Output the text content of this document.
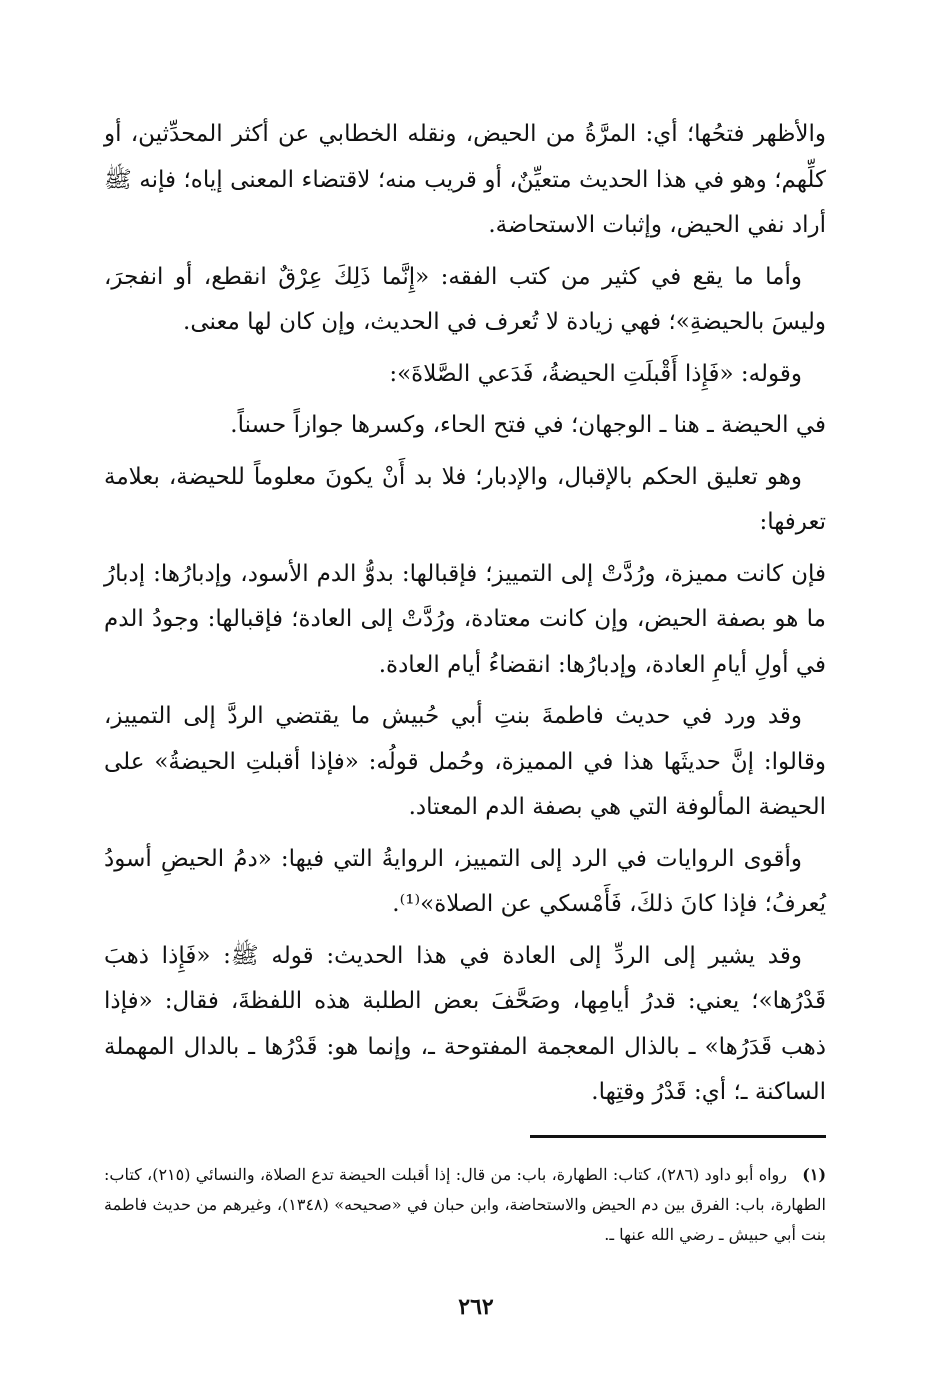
والأظهر فتحُها؛ أي: المرَّةُ من الحيض، ونقله الخطابي عن أكثر المحدِّثين، أو كلِّهم؛ وهو في هذا الحديث متعيِّنٌ، أو قريب منه؛ لاقتضاء المعنى إياه؛ فإنه ﷺ أراد نفي الحيض، وإثبات الاستحاضة.

وأما ما يقع في كثير من كتب الفقه: «إِنَّما ذَلِكَ عِرْقٌ انقطع، أو انفجرَ، وليسَ بالحيضةِ»؛ فهي زيادة لا تُعرف في الحديث، وإن كان لها معنى.

وقوله: «فَإِذا أَقْبلَتِ الحيضةُ، فَدَعي الصَّلاةَ»:

في الحيضة ـ هنا ـ الوجهان؛ في فتح الحاء، وكسرها جوازاً حسناً.

وهو تعليق الحكم بالإقبال، والإدبار؛ فلا بد أَنْ يكونَ معلوماً للحيضة، بعلامة تعرفها:

فإن كانت مميزة، ورُدَّتْ إلى التمييز؛ فإقبالها: بدوُّ الدم الأسود، وإدبارُها: إدبارُ ما هو بصفة الحيض، وإن كانت معتادة، ورُدَّتْ إلى العادة؛ فإقبالها: وجودُ الدم في أولِ أيامِ العادة، وإدبارُها: انقضاءُ أيام العادة.

وقد ورد في حديث فاطمةَ بنتِ أبي حُبيش ما يقتضي الردَّ إلى التمييز، وقالوا: إنَّ حديثَها هذا في المميزة، وحُمل قولُه: «فإذا أقبلتِ الحيضةُ» على الحيضة المألوفة التي هي بصفة الدم المعتاد.

وأقوى الروايات في الرد إلى التمييز، الروايةُ التي فيها: «دمُ الحيضِ أسودُ يُعرفُ؛ فإذا كانَ ذلكَ، فَأَمْسكي عن الصلاة»⁽¹⁾.

وقد يشير إلى الردِّ إلى العادة في هذا الحديث: قوله ﷺ: «فَإِذا ذهبَ قَدْرُها»؛ يعني: قدرُ أيامِها، وصَحَّفَ بعض الطلبة هذه اللفظةَ، فقال: «فإذا ذهب قَدَرُها» ـ بالذال المعجمة المفتوحة ـ، وإنما هو: قَدْرُها ـ بالدال المهملة الساكنة ـ؛ أي: قَدْرُ وقتِها.

(١) رواه أبو داود (٢٨٦)، كتاب: الطهارة، باب: من قال: إذا أقبلت الحيضة تدع الصلاة، والنسائي (٢١٥)، كتاب: الطهارة، باب: الفرق بين دم الحيض والاستحاضة، وابن حبان في «صحيحه» (١٣٤٨)، وغيرهم من حديث فاطمة بنت أبي حبيش ـ رضي الله عنها ـ.
٢٦٢
